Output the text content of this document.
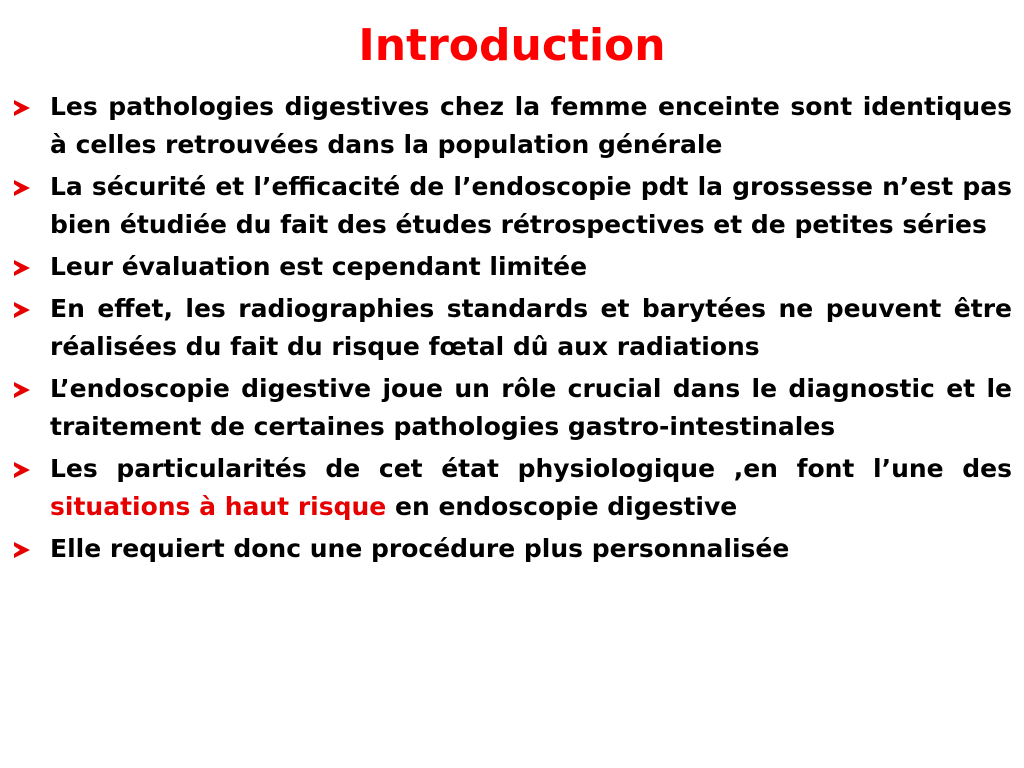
Introduction
Les pathologies digestives chez la femme enceinte sont identiques à celles retrouvées dans la population générale
La sécurité et l’efficacité de l’endoscopie pdt la grossesse n’est pas bien étudiée du fait des études rétrospectives et de petites séries
Leur évaluation est cependant limitée
En effet, les radiographies standards et barytées ne peuvent être réalisées du fait du risque fœtal dû aux radiations
L’endoscopie digestive joue un rôle crucial dans le diagnostic et le traitement de certaines pathologies gastro-intestinales
Les particularités de cet état physiologique ,en font l’une des situations à haut risque en endoscopie digestive
Elle requiert donc une procédure plus personnalisée
